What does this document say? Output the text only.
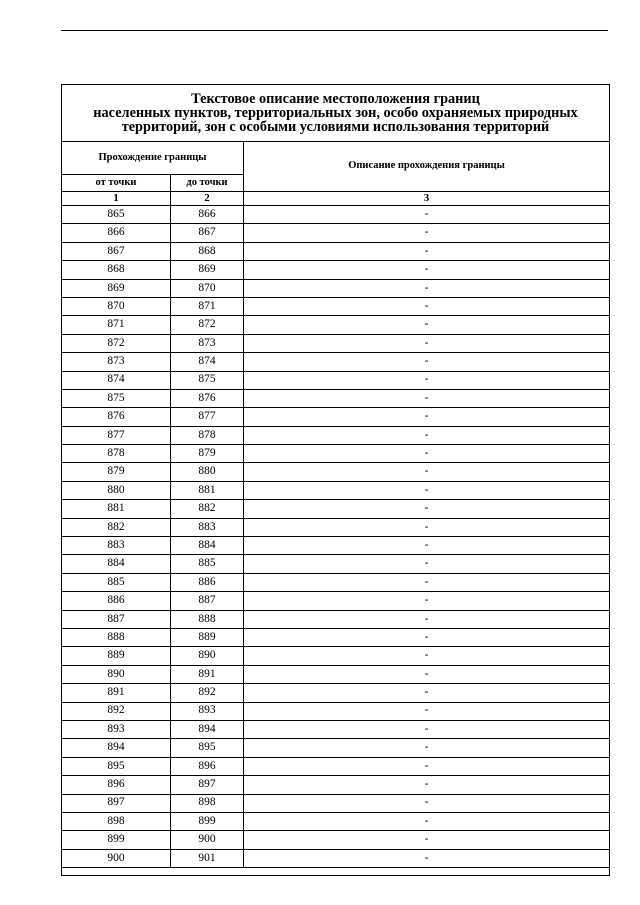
Текстовое описание местоположения границ
населенных пунктов, территориальных зон, особо охраняемых природных
территорий, зон с особыми условиями использования территорий		

Прохождение границы		Описание прохождения границы
от точки	до точки	
1	2	3
865	866	-
866	867	-
867	868	-
868	869	-
869	870	-
870	871	-
871	872	-
872	873	-
873	874	-
874	875	-
875	876	-
876	877	-
877	878	-
878	879	-
879	880	-
880	881	-
881	882	-
882	883	-
883	884	-
884	885	-
885	886	-
886	887	-
887	888	-
888	889	-
889	890	-
890	891	-
891	892	-
892	893	-
893	894	-
894	895	-
895	896	-
896	897	-
897	898	-
898	899	-
899	900	-
900	901	-
